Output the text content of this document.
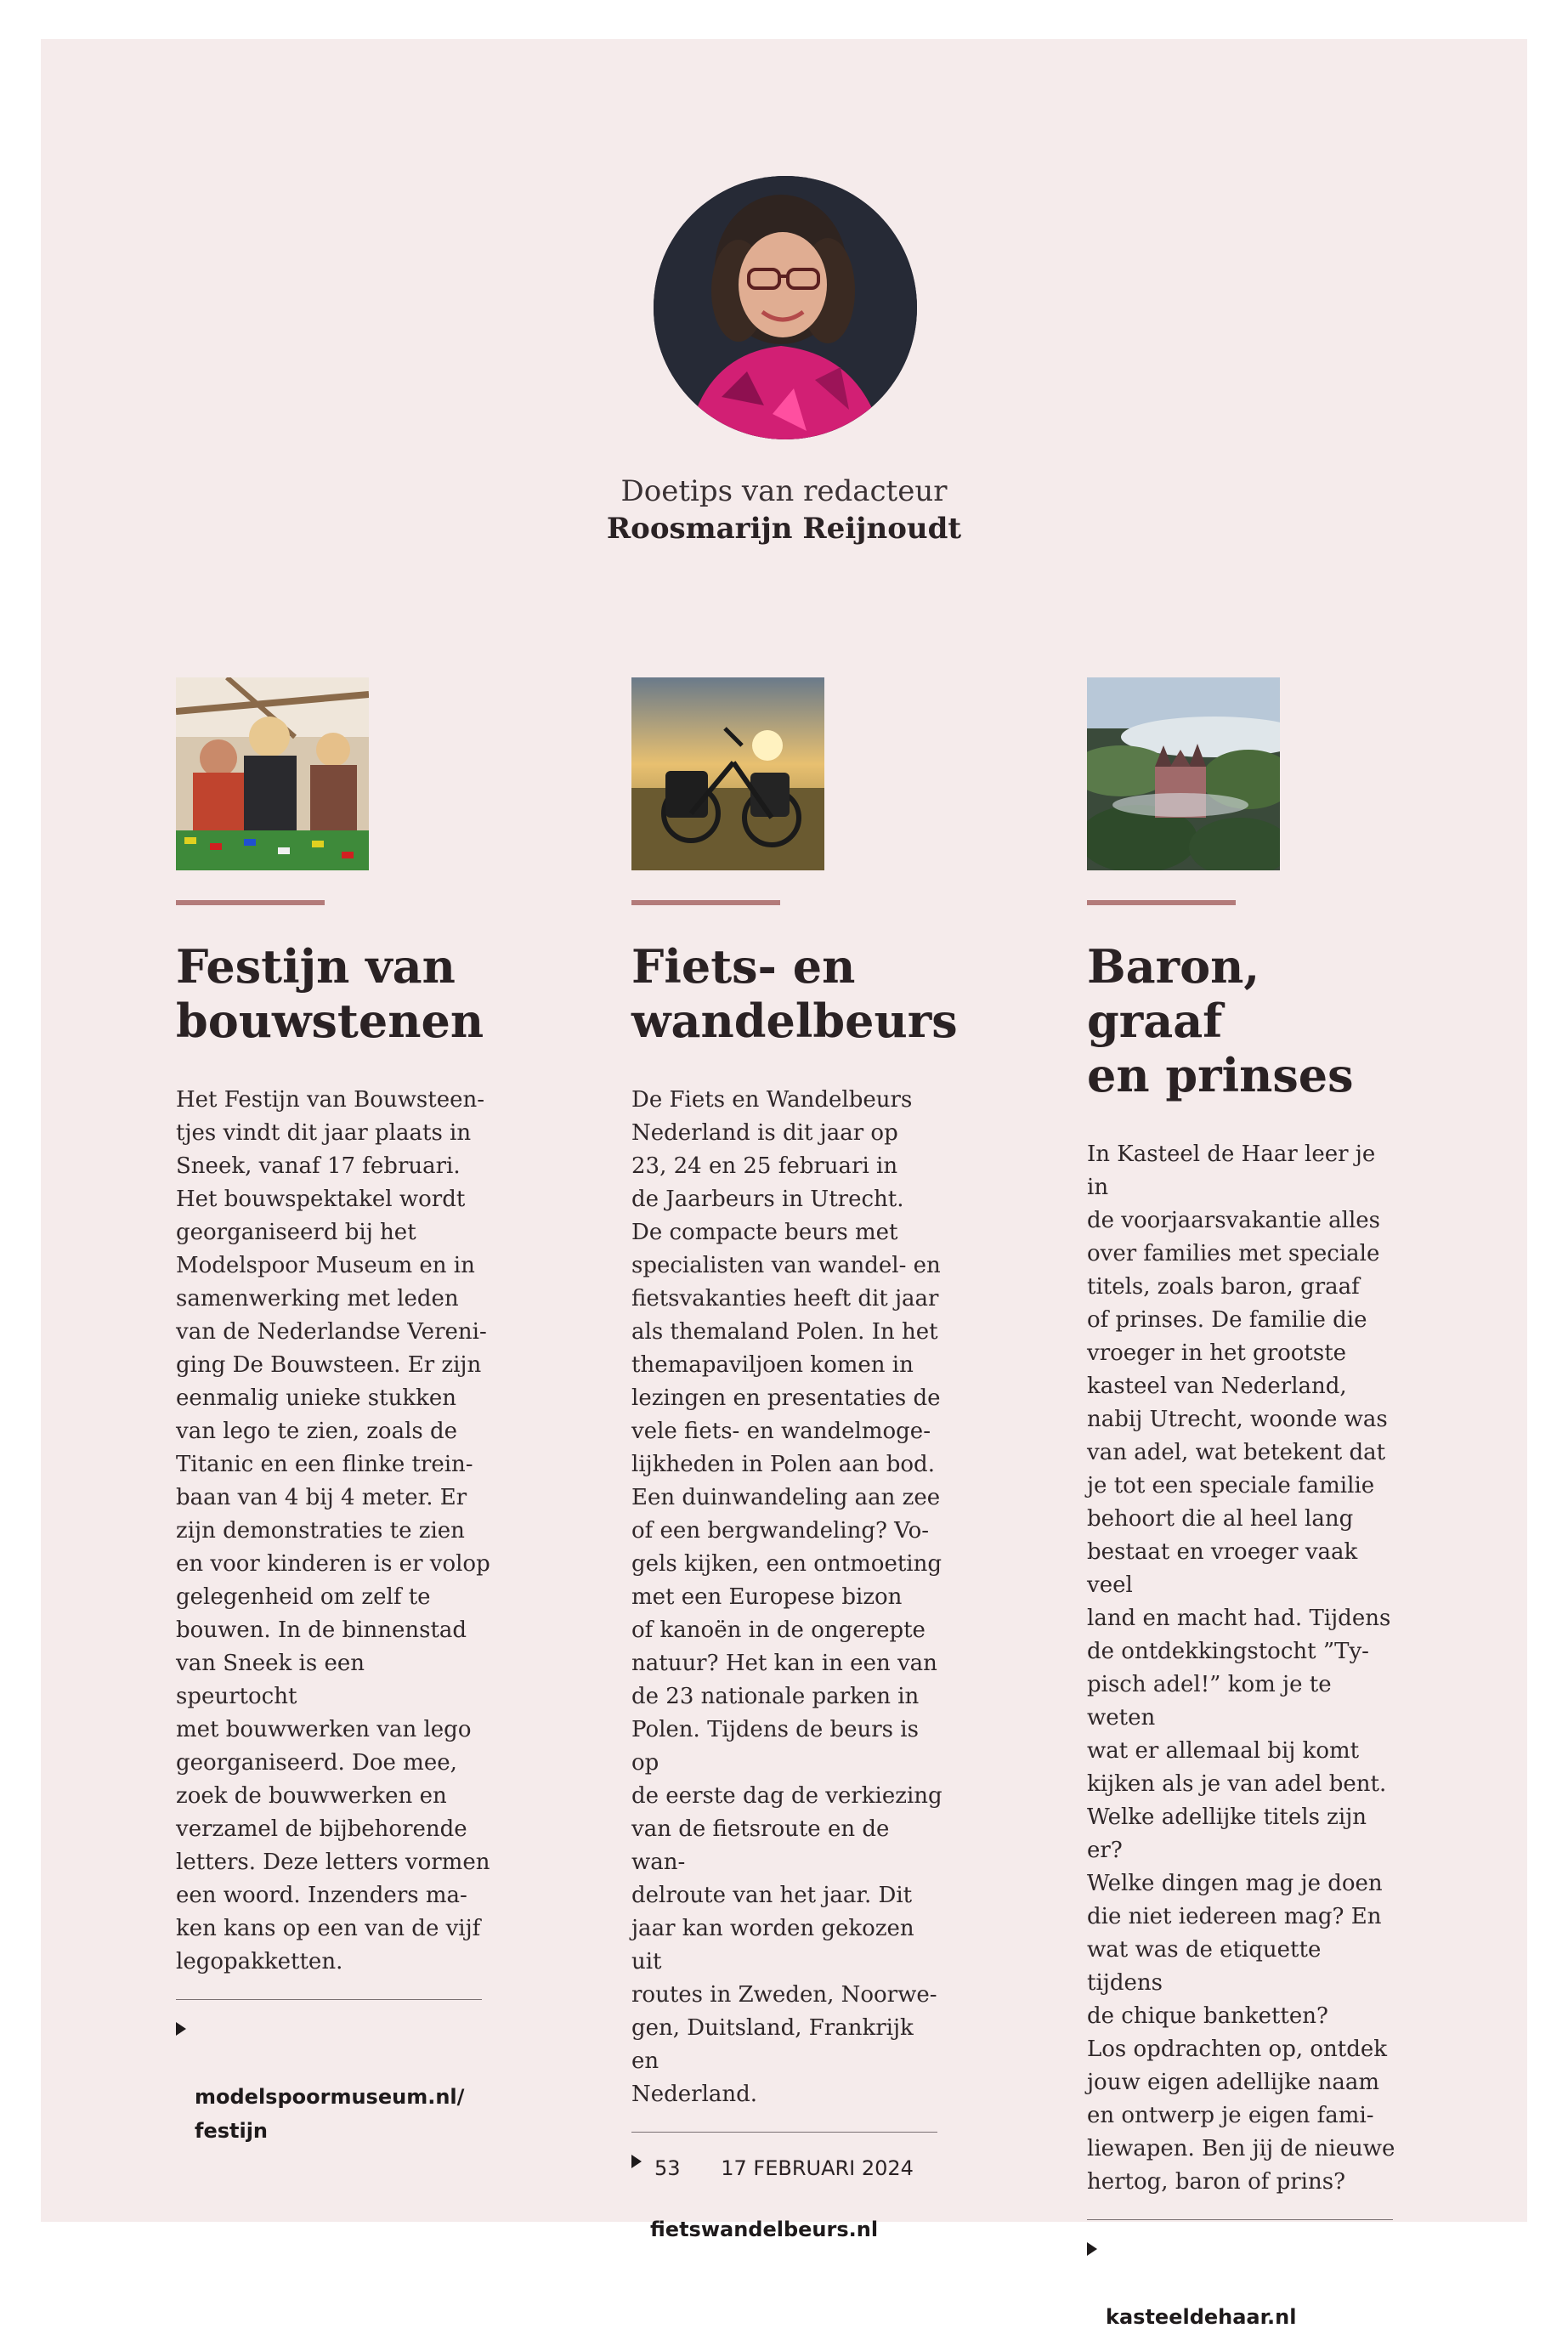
Doetips van redacteur
Roosmarijn Reijnoudt
Festijn van
bouwstenen
Het Festijn van Bouwsteen-
tjes vindt dit jaar plaats in
Sneek, vanaf 17 februari.
Het bouwspektakel wordt
georganiseerd bij het
Modelspoor Museum en in
samenwerking met leden
van de Nederlandse Vereni-
ging De Bouwsteen. Er zijn
eenmalig unieke stukken
van lego te zien, zoals de
Titanic en een flinke trein-
baan van 4 bij 4 meter. Er
zijn demonstraties te zien
en voor kinderen is er volop
gelegenheid om zelf te
bouwen. In de binnenstad
van Sneek is een speurtocht
met bouwwerken van lego
georganiseerd. Doe mee,
zoek de bouwwerken en
verzamel de bijbehorende
letters. Deze letters vormen
een woord. Inzenders ma-
ken kans op een van de vijf
legopakketten.

modelspoormuseum.nl/
festijn

Fiets- en
wandelbeurs
De Fiets en Wandelbeurs
Nederland is dit jaar op
23, 24 en 25 februari in
de Jaarbeurs in Utrecht.
De compacte beurs met
specialisten van wandel- en
fietsvakanties heeft dit jaar
als themaland Polen. In het
themapaviljoen komen in
lezingen en presentaties de
vele fiets- en wandelmoge-
lijkheden in Polen aan bod.
Een duinwandeling aan zee
of een bergwandeling? Vo-
gels kijken, een ontmoeting
met een Europese bizon
of kanoën in de ongerepte
natuur? Het kan in een van
de 23 nationale parken in
Polen. Tijdens de beurs is op
de eerste dag de verkiezing
van de fietsroute en de wan-
delroute van het jaar. Dit
jaar kan worden gekozen uit
routes in Zweden, Noorwe-
gen, Duitsland, Frankrijk en
Nederland.

fietswandelbeurs.nl

Baron, graaf
en prinses
In Kasteel de Haar leer je in
de voorjaarsvakantie alles
over families met speciale
titels, zoals baron, graaf
of prinses. De familie die
vroeger in het grootste
kasteel van Nederland,
nabij Utrecht, woonde was
van adel, wat betekent dat
je tot een speciale familie
behoort die al heel lang
bestaat en vroeger vaak veel
land en macht had. Tijdens
de ontdekkingstocht ”Ty-
pisch adel!” kom je te weten
wat er allemaal bij komt
kijken als je van adel bent.
Welke adellijke titels zijn er?
Welke dingen mag je doen
die niet iedereen mag? En
wat was de etiquette tijdens
de chique banketten?
Los opdrachten op, ontdek
jouw eigen adellijke naam
en ontwerp je eigen fami-
liewapen. Ben jij de nieuwe
hertog, baron of prins?

kasteeldehaar.nl

53 17 FEBRUARI 2024
